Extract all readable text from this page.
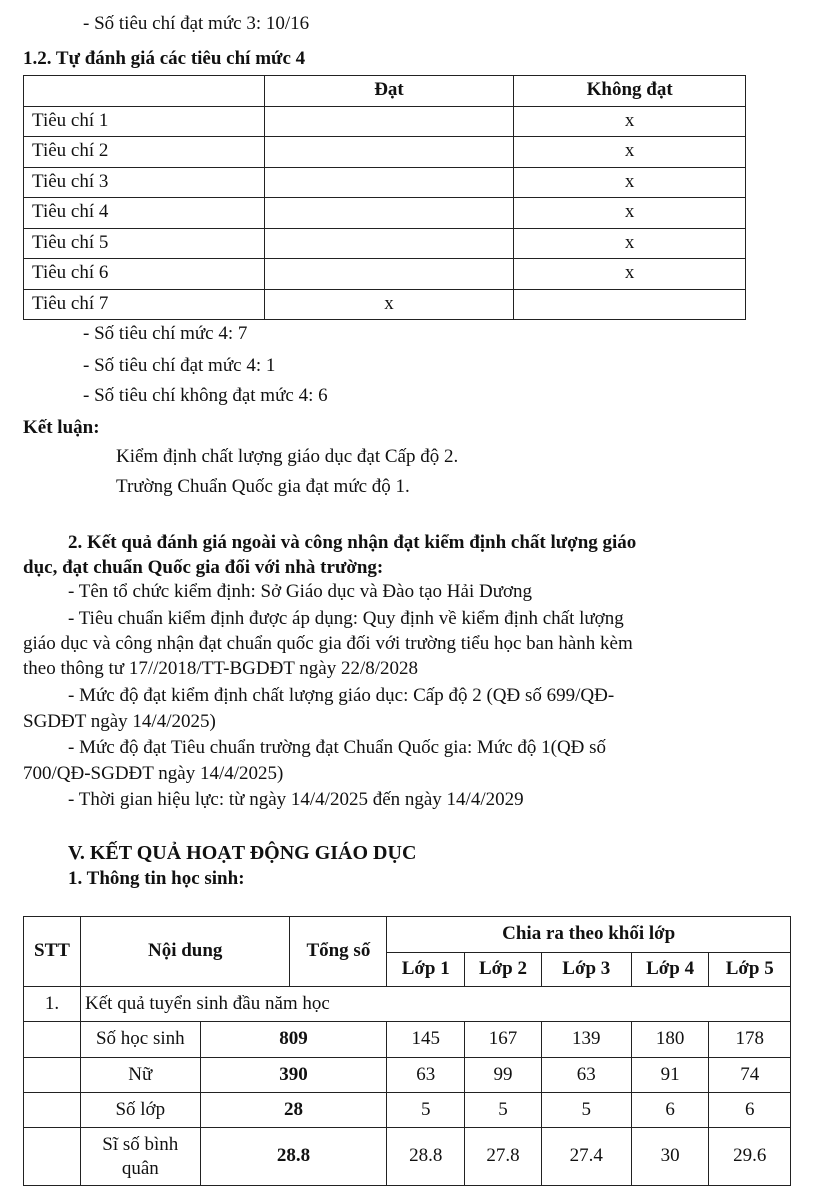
- Số tiêu chí đạt mức 3: 10/16
1.2. Tự đánh giá các tiêu chí mức 4
	Đạt	Không đạt
Tiêu chí 1		x
Tiêu chí 2		x
Tiêu chí 3		x
Tiêu chí 4		x
Tiêu chí 5		x
Tiêu chí 6		x
Tiêu chí 7	x	
- Số tiêu chí mức 4: 7
- Số tiêu chí đạt mức 4: 1
- Số tiêu chí không đạt mức 4: 6
Kết luận:
Kiểm định chất lượng giáo dục đạt Cấp độ 2.
Trường Chuẩn Quốc gia đạt mức độ 1.
2. Kết quả đánh giá ngoài và công nhận đạt kiểm định chất lượng giáo
dục, đạt chuẩn Quốc gia đối với nhà trường:
- Tên tổ chức kiểm định: Sở Giáo dục và Đào tạo Hải Dương
- Tiêu chuẩn kiểm định được áp dụng: Quy định về kiểm định chất lượng
giáo dục và công nhận đạt chuẩn quốc gia đối với trường tiểu học ban hành kèm
theo thông tư 17//2018/TT-BGDĐT ngày 22/8/2028
- Mức độ đạt kiểm định chất lượng giáo dục: Cấp độ 2 (QĐ số 699/QĐ-
SGDĐT ngày 14/4/2025)
- Mức độ đạt Tiêu chuẩn trường đạt Chuẩn Quốc gia: Mức độ 1(QĐ số
700/QĐ-SGDĐT ngày 14/4/2025)
- Thời gian hiệu lực: từ ngày 14/4/2025 đến ngày 14/4/2029
V. KẾT QUẢ HOẠT ĐỘNG GIÁO DỤC
1. Thông tin học sinh:
STT	Nội dung		Tổng số	Chia ra theo khối lớp				
				Lớp 1	Lớp 2	Lớp 3	Lớp 4	Lớp 5
1.	Kết quả tuyển sinh đầu năm học							
	Số học sinh	809		145	167	139	180	178
	Nữ	390		63	99	63	91	74
	Số lớp	28		5	5	5	6	6
	Sĩ số bình quân	28.8		28.8	27.8	27.4	30	29.6
